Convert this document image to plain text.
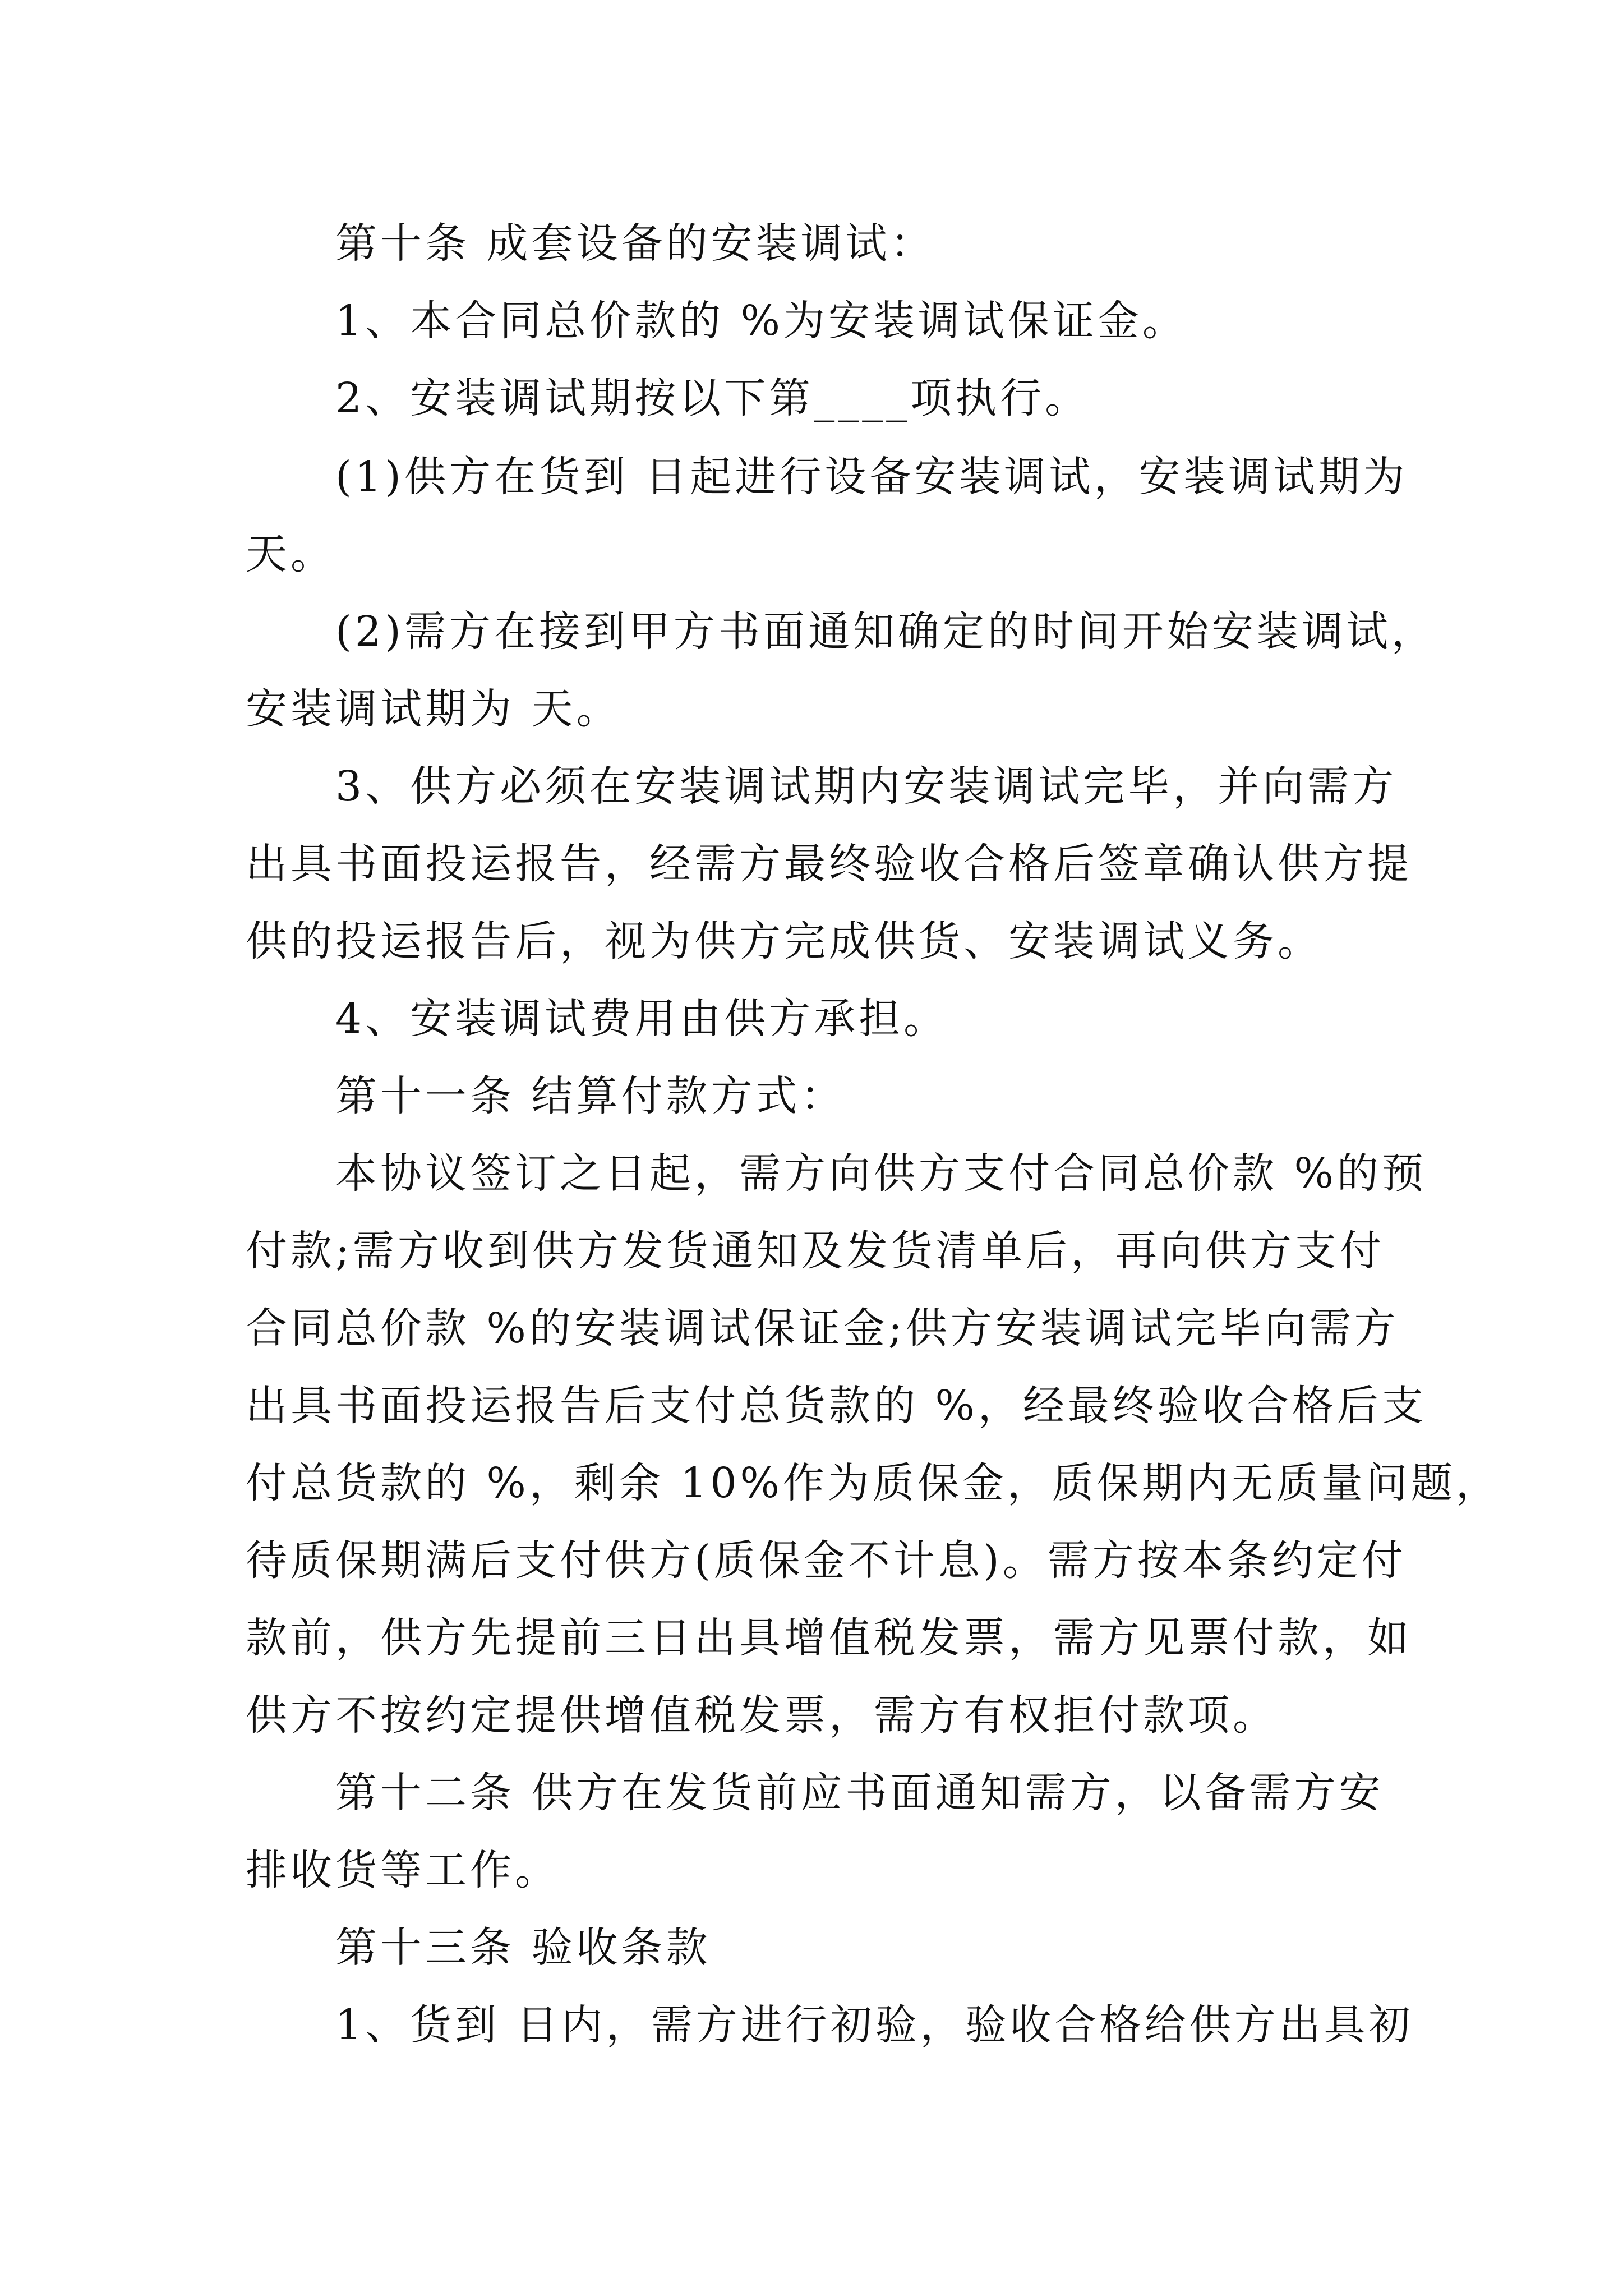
第十条 成套设备的安装调试：
1、本合同总价款的 %为安装调试保证金。
2、安装调试期按以下第____项执行。
(1)供方在货到 日起进行设备安装调试，安装调试期为
天。
(2)需方在接到甲方书面通知确定的时间开始安装调试，
安装调试期为 天。
3、供方必须在安装调试期内安装调试完毕，并向需方
出具书面投运报告，经需方最终验收合格后签章确认供方提
供的投运报告后，视为供方完成供货、安装调试义务。
4、安装调试费用由供方承担。
第十一条 结算付款方式：
本协议签订之日起，需方向供方支付合同总价款 %的预
付款;需方收到供方发货通知及发货清单后，再向供方支付
合同总价款 %的安装调试保证金;供方安装调试完毕向需方
出具书面投运报告后支付总货款的 %，经最终验收合格后支
付总货款的 %，剩余 10%作为质保金，质保期内无质量问题，
待质保期满后支付供方(质保金不计息)。需方按本条约定付
款前，供方先提前三日出具增值税发票，需方见票付款，如
供方不按约定提供增值税发票，需方有权拒付款项。
第十二条 供方在发货前应书面通知需方，以备需方安
排收货等工作。
第十三条 验收条款
1、货到 日内，需方进行初验，验收合格给供方出具初
